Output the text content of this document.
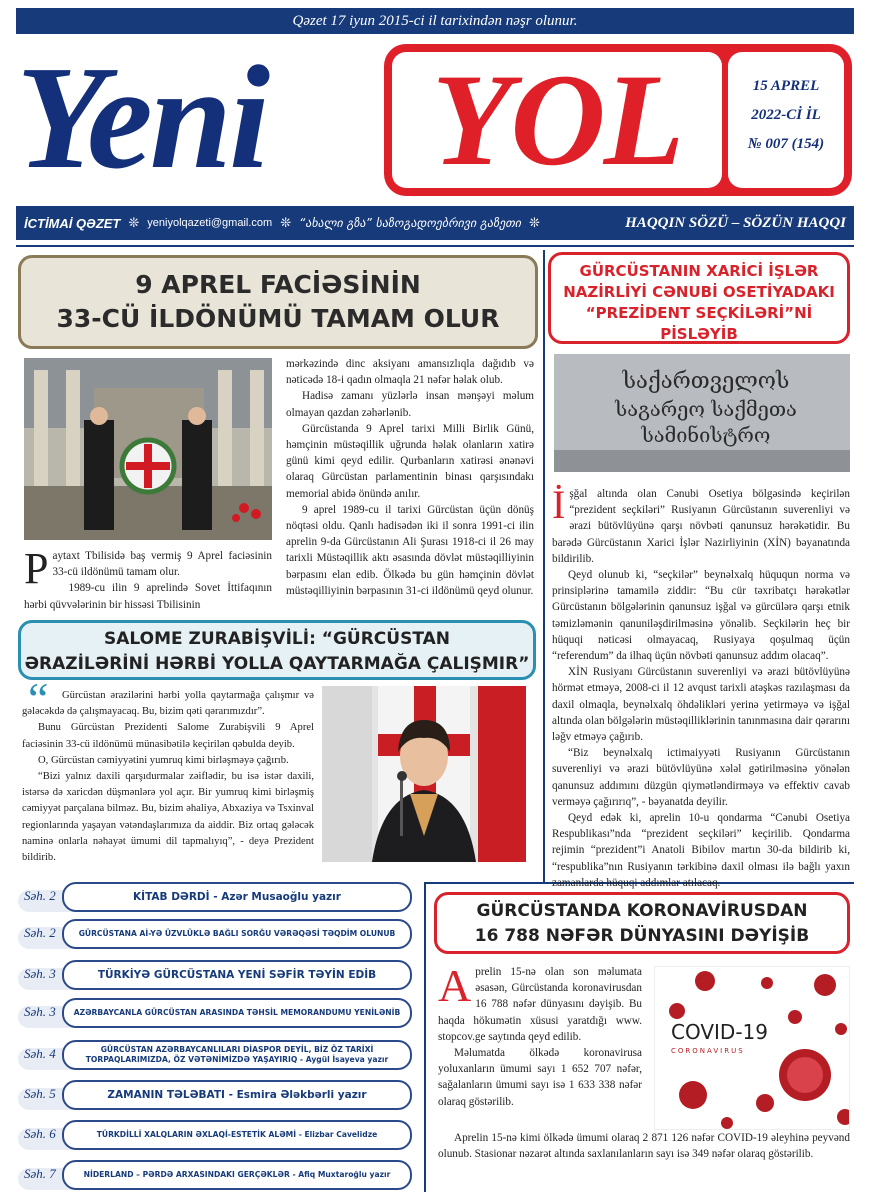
Qəzet 17 iyun 2015-ci il tarixindən nəşr olunur.
Yeni	YOL	15 APREL
2022-Cİ İL
№ 007 (154)
İCTİMAİ QƏZET ❊ yeniyolqazeti@gmail.com ❊ “ახალი გზა” საზოგადოებრივი გაზეთი ❊	HAQQIN SÖZÜ – SÖZÜN HAQQI
9 APREL FACİƏSİNİN
33-CÜ İLDÖNÜMÜ TAMAM OLUR
P aytaxt Tbilisidə baş vermiş 9 Aprel faciəsinin 33-cü ildönümü tamam olur.

1989-cu ilin 9 aprelində Sovet İttifaqının hərbi qüvvələrinin bir hissəsi Tbilisinin

mərkəzində dinc aksiyanı amansızlıqla dağıdıb və nəticədə 18-i qadın olmaqla 21 nəfər həlak olub.

Hadisə zamanı yüzlərlə insan mənşəyi məlum olmayan qazdan zəhərlənib.

Gürcüstanda 9 Aprel tarixi Milli Birlik Günü, həmçinin müstəqillik uğrunda həlak olanların xatirə günü kimi qeyd edilir. Qurbanların xatirəsi ənənəvi olaraq Gürcüstan parlamentinin binası qarşısındakı memorial abidə önündə anılır.

9 aprel 1989-cu il tarixi Gürcüstan üçün dönüş nöqtəsi oldu. Qanlı hadisədən iki il sonra 1991-ci ilin aprelin 9-da Gürcüstanın Ali Şurası 1918-ci il 26 may tarixli Müstəqillik aktı əsasında dövlət müstəqilliyinin bərpasını elan edib. Ölkədə bu gün həmçinin dövlət müstəqilliyinin bərpasının 31-ci ildönümü qeyd olunur.

GÜRCÜSTANIN XARİCİ İŞLƏR
NAZİRLİYİ CƏNUBİ OSETİYADAKI
“PREZİDENT SEÇKİLƏRİ”Nİ
PİSLƏYİB
საქართველოს
საგარეო საქმეთა
სამინისტრო
İ şğal altında olan Cənubi Osetiya bölgəsində keçirilən “prezident seçkiləri” Rusiyanın Gürcüstanın suverenliyi və ərazi bütövlüyünə qarşı növbəti qanunsuz hərəkətidir. Bu barədə Gürcüstanın Xarici İşlər Nazirliyinin (XİN) bəyanatında bildirilib.

Qeyd olunub ki, “seçkilər” beynəlxalq hüququn norma və prinsiplərinə tamamilə ziddir: “Bu cür təxribatçı hərəkətlər Gürcüstanın bölgələrinin qanunsuz işğal və gürcülərə qarşı etnik təmizləmənin qanuniləşdirilməsinə yönəlib. Seçkilərin heç bir hüquqi nəticəsi olmayacaq, Rusiyaya qoşulmaq üçün “referendum” da ilhaq üçün növbəti qanunsuz addım olacaq”.

XİN Rusiyanı Gürcüstanın suverenliyi və ərazi bütövlüyünə hörmət etməyə, 2008-ci il 12 avqust tarixli atəşkəs razılaşması da daxil olmaqla, beynəlxalq öhdəlikləri yerinə yetirməyə və işğal altında olan bölgələrin müstəqilliklərinin tanınmasına dair qərarını ləğv etməyə çağırıb.

“Biz beynəlxalq ictimaiyyəti Rusiyanın Gürcüstanın suverenliyi və ərazi bütövlüyünə xələl gətirilməsinə yönələn qanunsuz addımını düzgün qiymətləndirməyə və effektiv cavab verməyə çağırırıq”, - bəyanatda deyilir.

Qeyd edək ki, aprelin 10-u qondarma “Cənubi Osetiya Respublikası”nda “prezident seçkiləri” keçirilib. Qondarma rejimin “prezident”i Anatoli Bibilov martın 30-da bildirib ki, “respublika”nın Rusiyanın tərkibinə daxil olması ilə bağlı yaxın zamanlarda hüquqi addımlar atılacaq.

SALOME ZURABİŞVİLİ: “GÜRCÜSTAN
ƏRAZİLƏRİNİ HƏRBİ YOLLA QAYTARMAĞA ÇALIŞMIR”
“	Gürcüstan ərazilərini hərbi yolla qaytarmağa çalışmır və gələcəkdə də çalışmayacaq. Bu, bizim qəti qərarımızdır”.

Bunu Gürcüstan Prezidenti Salome Zurabişvili 9 Aprel faciəsinin 33-cü ildönümü münasibətilə keçirilən qəbulda deyib.

O, Gürcüstan cəmiyyətini yumruq kimi birləşməyə çağırıb.

“Bizi yalnız daxili qarşıdurmalar zəiflədir, bu isə istər daxili, istərsə də xaricdən düşmənlərə yol açır. Bir yumruq kimi birləşmiş cəmiyyət parçalana bilməz. Bu, bizim əhaliyə, Abxaziya və Tsxinval regionlarında yaşayan vətəndaşlarımıza da aiddir. Biz ortaq gələcək naminə onlarla nəhayət ümumi dil tapmalıyıq”, - deyə Prezident bildirib.

GÜRCÜSTANDA KORONAVİRUSDAN
16 788 NƏFƏR DÜNYASINI DƏYİŞİB
A prelin 15-nə olan son məlumata əsasən, Gürcüstanda koronavirusdan 16 788 nəfər dünyasını dəyişib. Bu haqda hökumətin xüsusi yaratdığı www. stopcov.ge saytında qeyd edilib.

Məlumatda ölkədə koronavirusa yoluxanların ümumi sayı 1 652 707 nəfər, sağalanların ümumi sayı isə 1 633 338 nəfər olaraq göstərilib.

Aprelin 15-nə kimi ölkədə ümumi olaraq 2 871 126 nəfər COVID-19 əleyhinə peyvənd olunub. Stasionar nəzarət altında saxlanılanların sayı isə 349 nəfər olaraq göstərilib.

COVID-19
CORONAVIRUS
Səh. 2	KİTAB DƏRDİ - Azər Musaoğlu yazır
Səh. 2	GÜRCÜSTANA Aİ-YƏ ÜZVLÜKLƏ BAĞLI SORĞU VƏRƏQƏSİ TƏQDİM OLUNUB
Səh. 3	TÜRKİYƏ GÜRCÜSTANA YENİ SƏFİR TƏYİN EDİB
Səh. 3	AZƏRBAYCANLA GÜRCÜSTAN ARASINDA TƏHSİL MEMORANDUMU YENİLƏNİB
Səh. 4	GÜRCÜSTAN AZƏRBAYCANLILARI DİASPOR DEYİL, BİZ ÖZ TARİXİ TORPAQLARIMIZDA, ÖZ VƏTƏNİMİZDƏ YAŞAYIRIQ - Aygül İsayeva yazır
Səh. 5	ZAMANIN TƏLƏBATI - Esmira Ələkbərli yazır
Səh. 6	TÜRKDİLLİ XALQLARIN ƏXLAQİ-ESTETİK ALƏMİ - Elizbar Cavelidze
Səh. 7	NİDERLAND – PƏRDƏ ARXASINDAKI GERÇƏKLƏR - Afiq Muxtaroğlu yazır
